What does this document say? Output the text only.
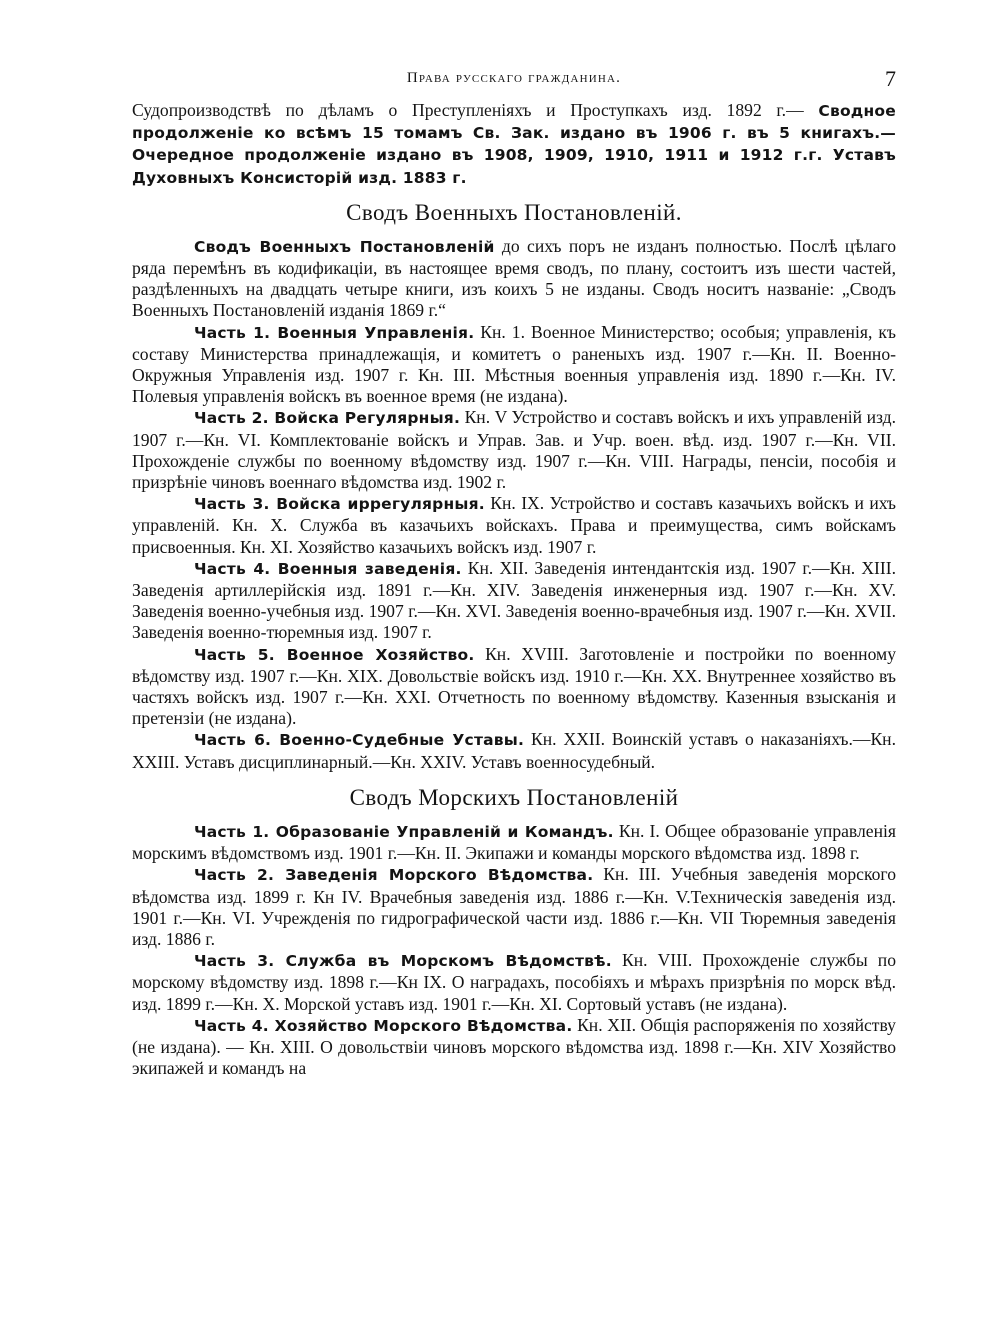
Права русскаго гражданина.	7

Судопроизводствѣ по дѣламъ о Преступленіяхъ и Проступкахъ изд. 1892 г.— Сводное продолженіе ко всѣмъ 15 томамъ Св. Зак. издано въ 1906 г. въ 5 книгахъ.—Очередное продолженіе издано въ 1908, 1909, 1910, 1911 и 1912 г.г. Уставъ Духовныхъ Консисторій изд. 1883 г.

Сводъ Военныхъ Постановленій.

Сводъ Военныхъ Постановленій до сихъ поръ не изданъ полностью. Послѣ цѣлаго ряда перемѣнъ въ кодификаціи, въ настоящее время сводъ, по плану, состоитъ изъ шести частей, раздѣленныхъ на двадцать четыре книги, изъ коихъ 5 не изданы. Сводъ носитъ названіе: „Сводъ Военныхъ Постановленій изданія 1869 г.“

Часть 1. Военныя Управленія. Кн. 1. Военное Министерство; особыя; управленія, къ составу Министерства принадлежащія, и комитетъ о раненыхъ изд. 1907 г.—Кн. II. Военно-Окружныя Управленія изд. 1907 г. Кн. III. Мѣстныя военныя управленія изд. 1890 г.—Кн. IV. Полевыя управленія войскъ въ военное время (не издана).

Часть 2. Войска Регулярныя. Кн. V Устройство и составъ войскъ и ихъ управленій изд. 1907 г.—Кн. VI. Комплектованіе войскъ и Управ. Зав. и Учр. воен. вѣд. изд. 1907 г.—Кн. VII. Прохожденіе службы по военному вѣдомству изд. 1907 г.—Кн. VIII. Награды, пенсіи, пособія и призрѣніе чиновъ военнаго вѣдомства изд. 1902 г.

Часть 3. Войска иррегулярныя. Кн. IX. Устройство и составъ казачьихъ войскъ и ихъ управленій. Кн. X. Служба въ казачьихъ войскахъ. Права и преимущества, симъ войскамъ присвоенныя. Кн. XI. Хозяйство казачьихъ войскъ изд. 1907 г.

Часть 4. Военныя заведенія. Кн. XII. Заведенія интендантскія изд. 1907 г.—Кн. XIII. Заведенія артиллерійскія изд. 1891 г.—Кн. XIV. Заведенія инженерныя изд. 1907 г.—Кн. XV. Заведенія военно-учебныя изд. 1907 г.—Кн. XVI. Заведенія военно-врачебныя изд. 1907 г.—Кн. XVII. Заведенія военно-тюремныя изд. 1907 г.

Часть 5. Военное Хозяйство. Кн. XVIII. Заготовленіе и постройки по военному вѣдомству изд. 1907 г.—Кн. XIX. Довольствіе войскъ изд. 1910 г.—Кн. XX. Внутреннее хозяйство въ частяхъ войскъ изд. 1907 г.—Кн. XXI. Отчетность по военному вѣдомству. Казенныя взысканія и претензіи (не издана).

Часть 6. Военно-Судебные Уставы. Кн. XXII. Воинскій уставъ о наказаніяхъ.—Кн. XXIII. Уставъ дисциплинарный.—Кн. XXIV. Уставъ военносудебный.

Сводъ Морскихъ Постановленій

Часть 1. Образованіе Управленій и Командъ. Кн. I. Общее образованіе управленія морскимъ вѣдомствомъ изд. 1901 г.—Кн. II. Экипажи и команды морского вѣдомства изд. 1898 г.

Часть 2. Заведенія Морского Вѣдомства. Кн. III. Учебныя заведенія морского вѣдомства изд. 1899 г. Кн IV. Врачебныя заведенія изд. 1886 г.—Кн. V.Техническія заведенія изд. 1901 г.—Кн. VI. Учрежденія по гидрографической части изд. 1886 г.—Кн. VII Тюремныя заведенія изд. 1886 г.

Часть 3. Служба въ Морскомъ Вѣдомствѣ. Кн. VIII. Прохожденіе службы по морскому вѣдомству изд. 1898 г.—Кн IX. О наградахъ, пособіяхъ и мѣрахъ призрѣнія по морск вѣд. изд. 1899 г.—Кн. X. Морской уставъ изд. 1901 г.—Кн. XI. Сортовый уставъ (не издана).

Часть 4. Хозяйство Морского Вѣдомства. Кн. XII. Общія распоряженія по хозяйству (не издана). — Кн. XIII. О довольствіи чиновъ морского вѣдомства изд. 1898 г.—Кн. XIV Хозяйство экипажей и командъ на
